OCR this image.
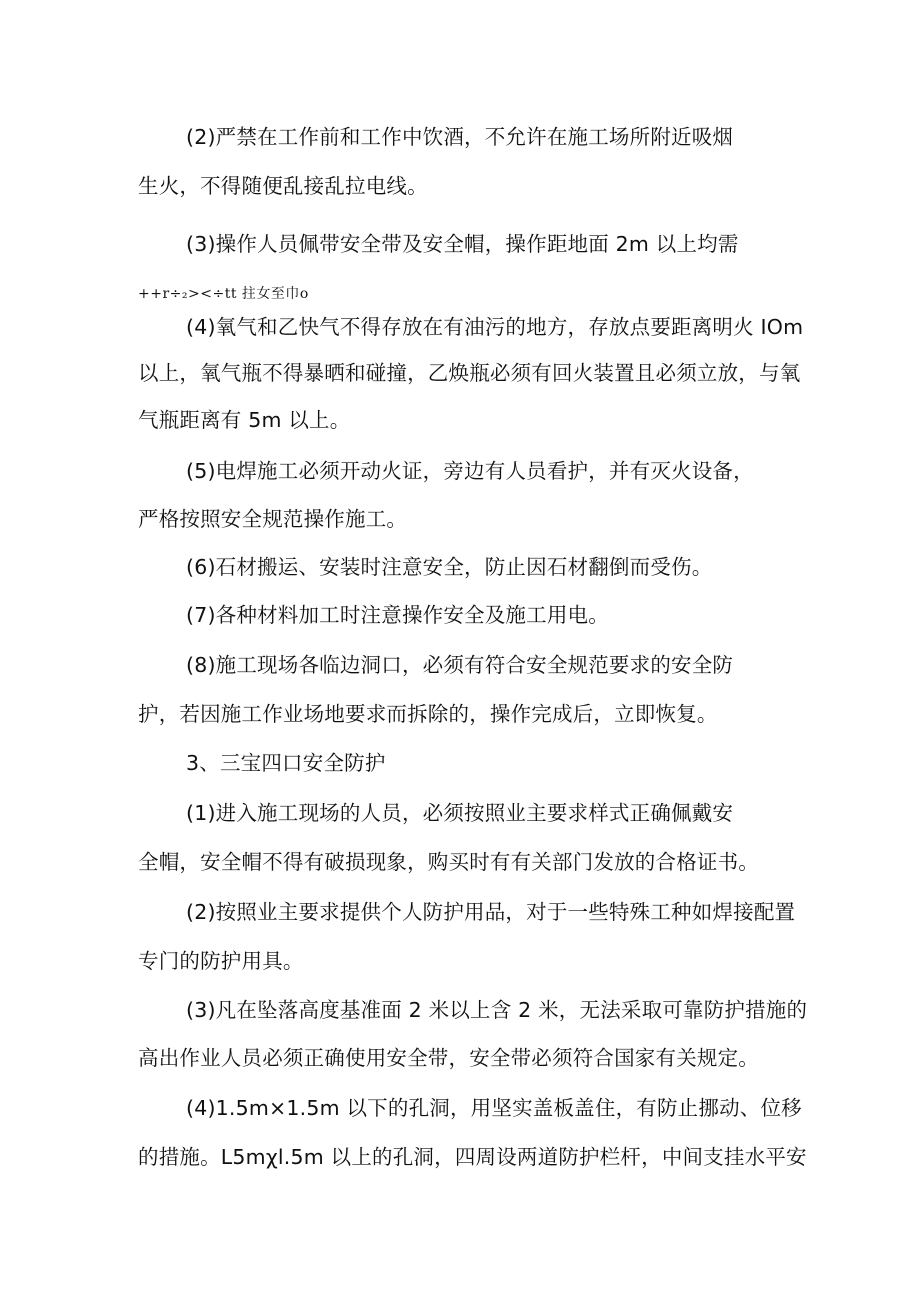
(2)严禁在工作前和工作中饮酒，不允许在施工场所附近吸烟
生火，不得随便乱接乱拉电线。
(3)操作人员佩带安全带及安全帽，操作距地面 2m 以上均需
++r÷₂><÷tt 拄女至巾ο
(4)氧气和乙快气不得存放在有油污的地方，存放点要距离明火 IOm
以上，氧气瓶不得暴晒和碰撞，乙焕瓶必须有回火装置且必须立放，与氧
气瓶距离有 5m 以上。
(5)电焊施工必须开动火证，旁边有人员看护，并有灭火设备，
严格按照安全规范操作施工。
(6)石材搬运、安装时注意安全，防止因石材翻倒而受伤。
(7)各种材料加工时注意操作安全及施工用电。
(8)施工现场各临边洞口，必须有符合安全规范要求的安全防
护，若因施工作业场地要求而拆除的，操作完成后，立即恢复。
3、三宝四口安全防护
(1)进入施工现场的人员，必须按照业主要求样式正确佩戴安
全帽，安全帽不得有破损现象，购买时有有关部门发放的合格证书。
(2)按照业主要求提供个人防护用品，对于一些特殊工种如焊接配置
专门的防护用具。
(3)凡在坠落高度基准面 2 米以上含 2 米，无法采取可靠防护措施的
高出作业人员必须正确使用安全带，安全带必须符合国家有关规定。
(4)1.5m×1.5m 以下的孔洞，用坚实盖板盖住，有防止挪动、位移
的措施。L5mχl.5m 以上的孔洞，四周设两道防护栏杆，中间支挂水平安
